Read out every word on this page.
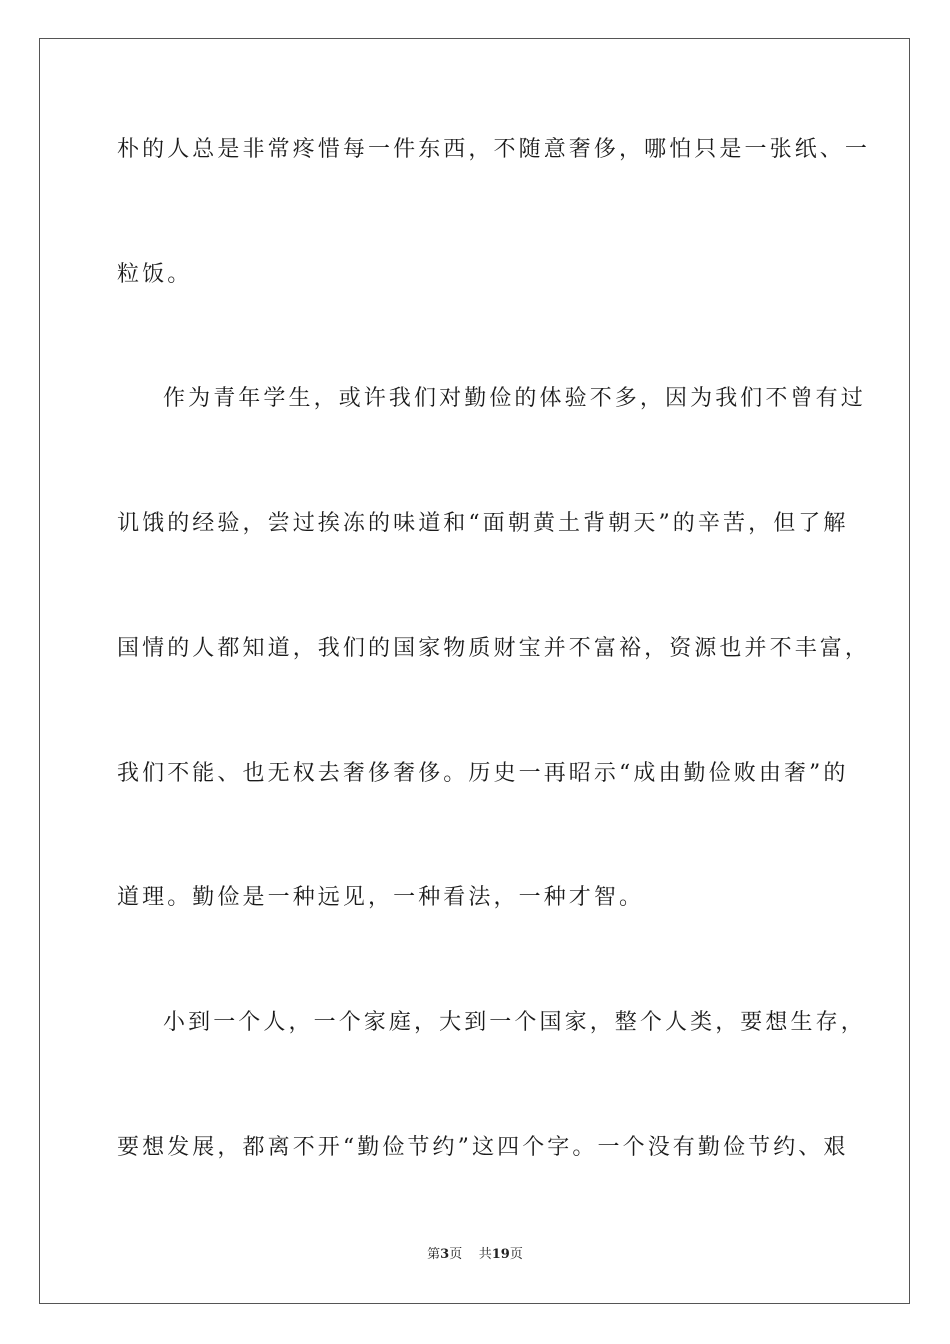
朴的人总是非常疼惜每一件东西，不随意奢侈，哪怕只是一张纸、一
粒饭。
作为青年学生，或许我们对勤俭的体验不多，因为我们不曾有过
讥饿的经验，尝过挨冻的味道和“面朝黄土背朝天”的辛苦，但了解
国情的人都知道，我们的国家物质财宝并不富裕，资源也并不丰富，
我们不能、也无权去奢侈奢侈。历史一再昭示“成由勤俭败由奢”的
道理。勤俭是一种远见，一种看法，一种才智。
小到一个人，一个家庭，大到一个国家，整个人类，要想生存，
要想发展，都离不开“勤俭节约”这四个字。一个没有勤俭节约、艰
第3页 共19页
